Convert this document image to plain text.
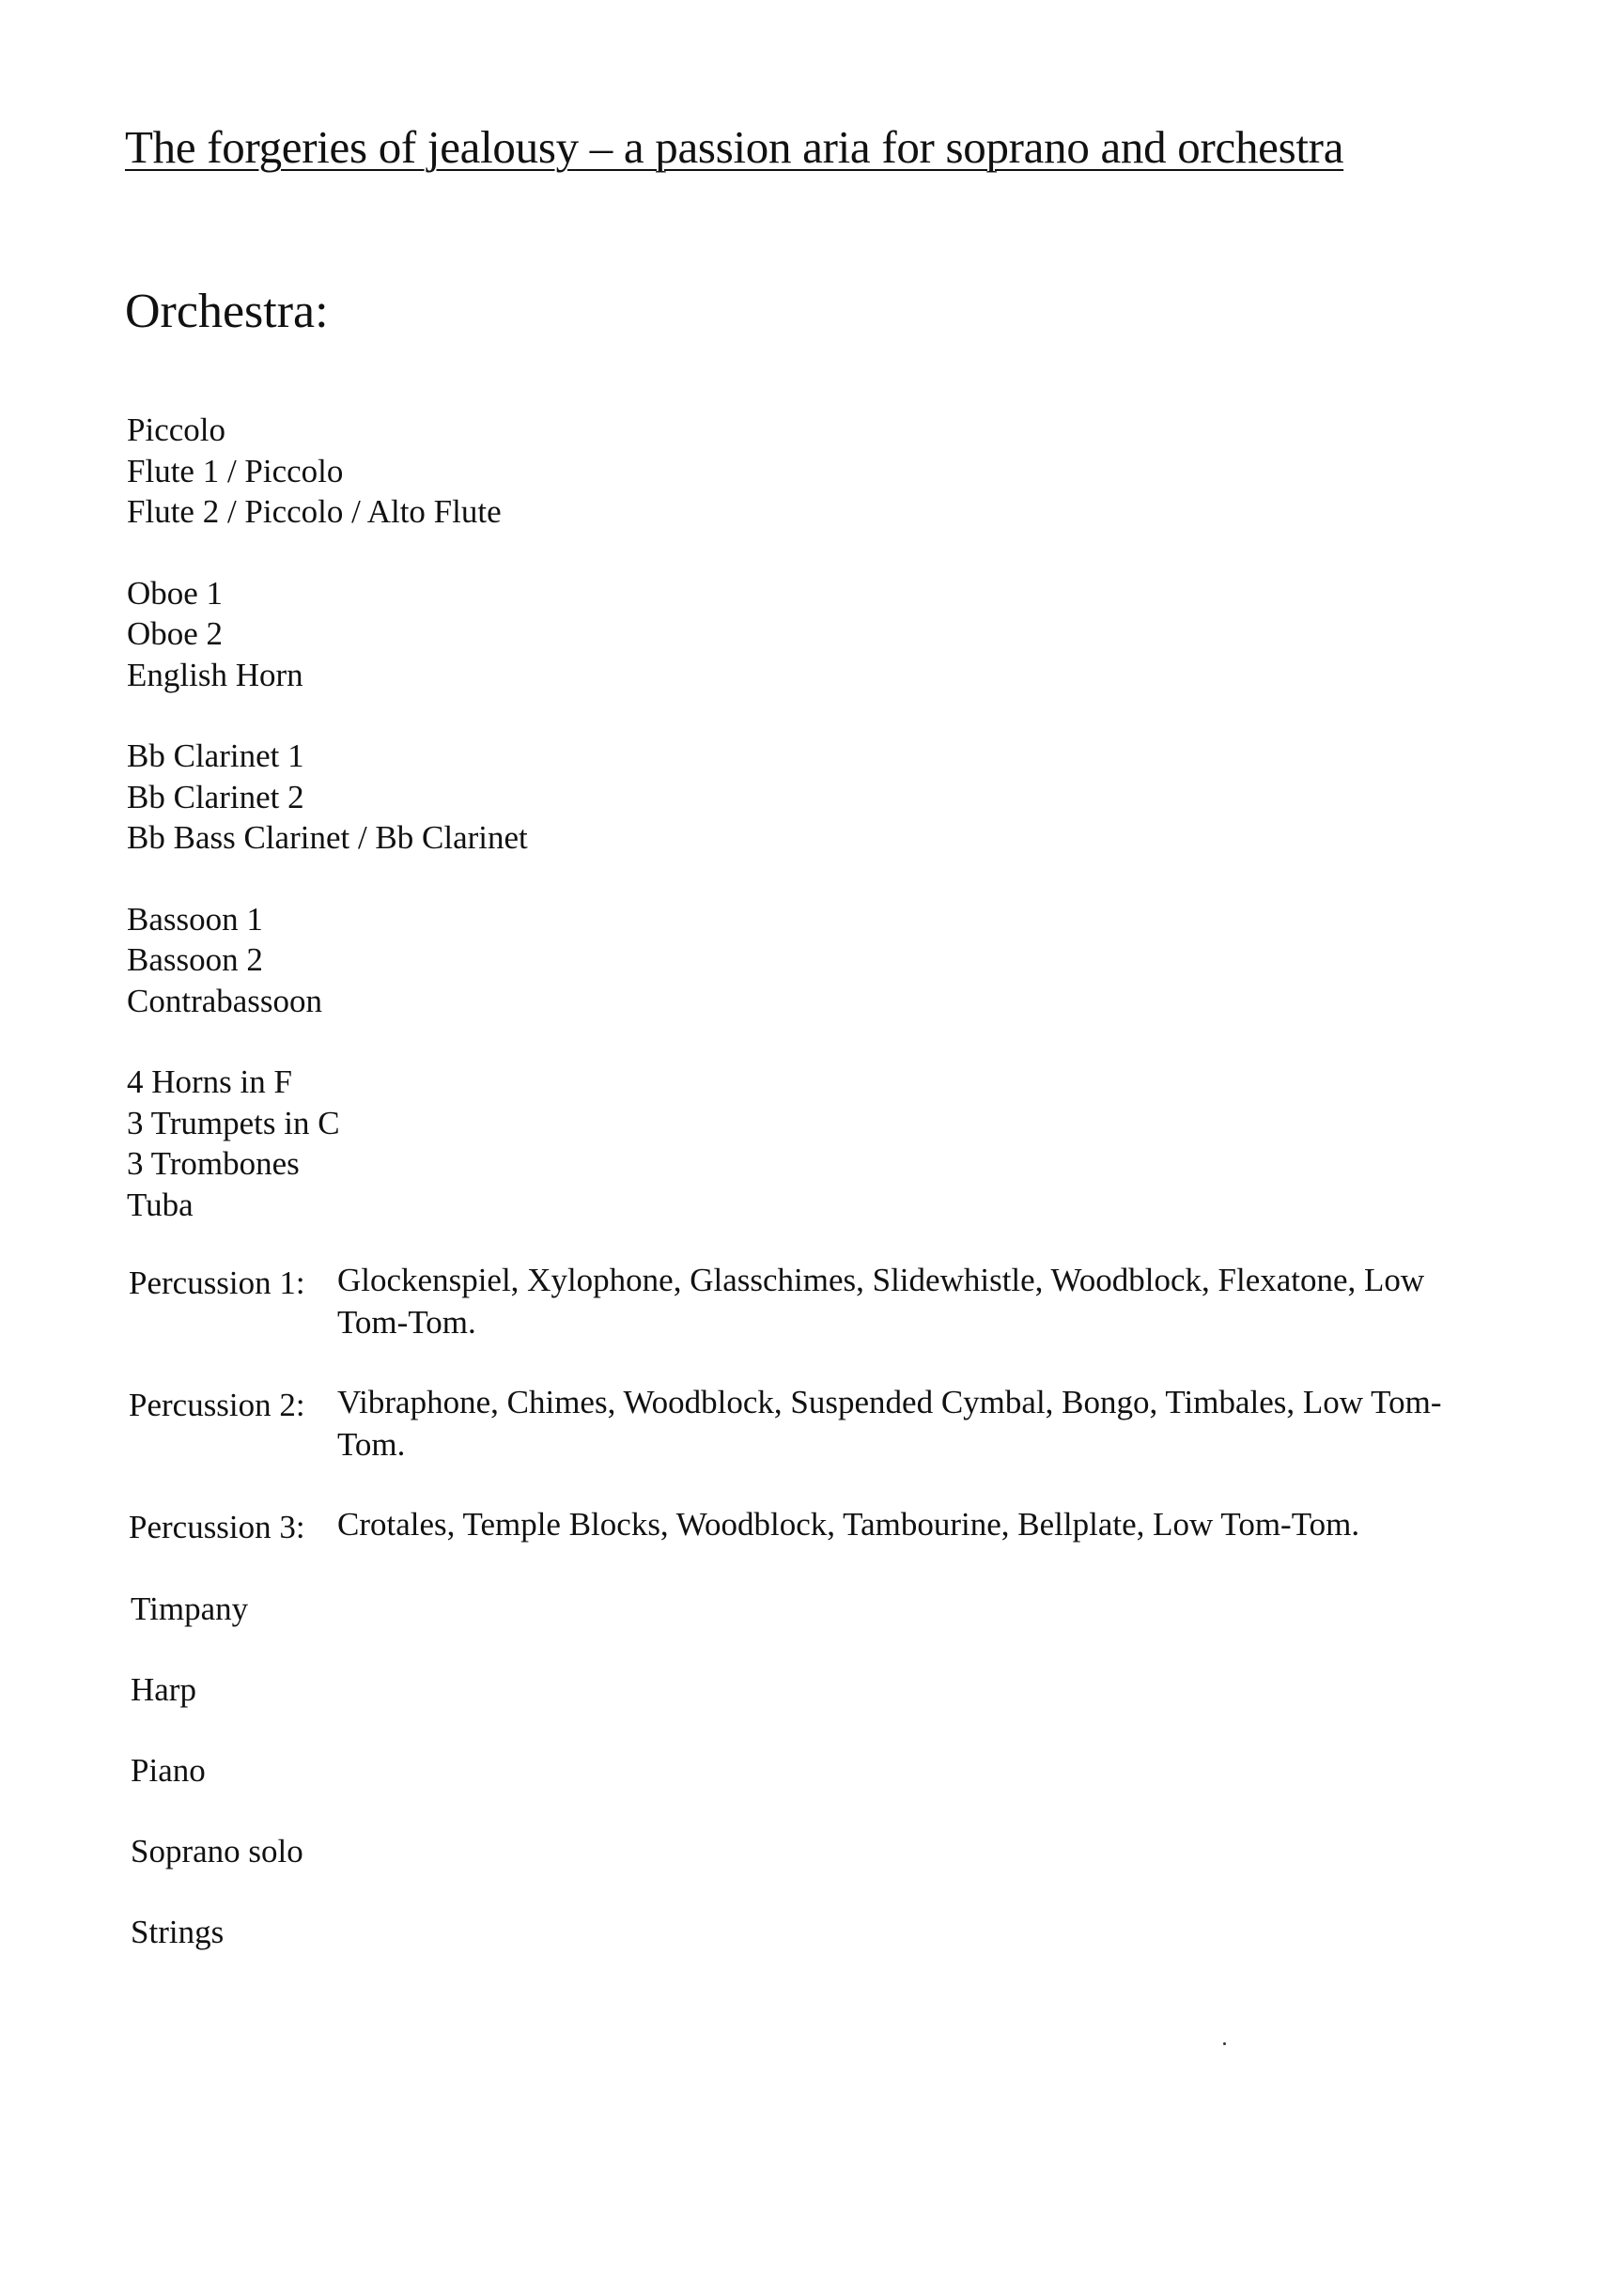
The forgeries of jealousy – a passion aria for soprano and orchestra
Orchestra:
Piccolo
Flute 1 / Piccolo
Flute 2 / Piccolo / Alto Flute
Oboe 1
Oboe 2
English Horn
Bb Clarinet 1
Bb Clarinet 2
Bb Bass Clarinet / Bb Clarinet
Bassoon 1
Bassoon 2
Contrabassoon
4 Horns in F
3 Trumpets in C
3 Trombones
Tuba
Percussion 1: Glockenspiel, Xylophone, Glasschimes, Slidewhistle, Woodblock, Flexatone, Low Tom-Tom.
Percussion 2: Vibraphone, Chimes, Woodblock, Suspended Cymbal, Bongo, Timbales, Low Tom-Tom.
Percussion 3: Crotales, Temple Blocks, Woodblock, Tambourine, Bellplate, Low Tom-Tom.

Timpany

Harp

Piano

Soprano solo

Strings
